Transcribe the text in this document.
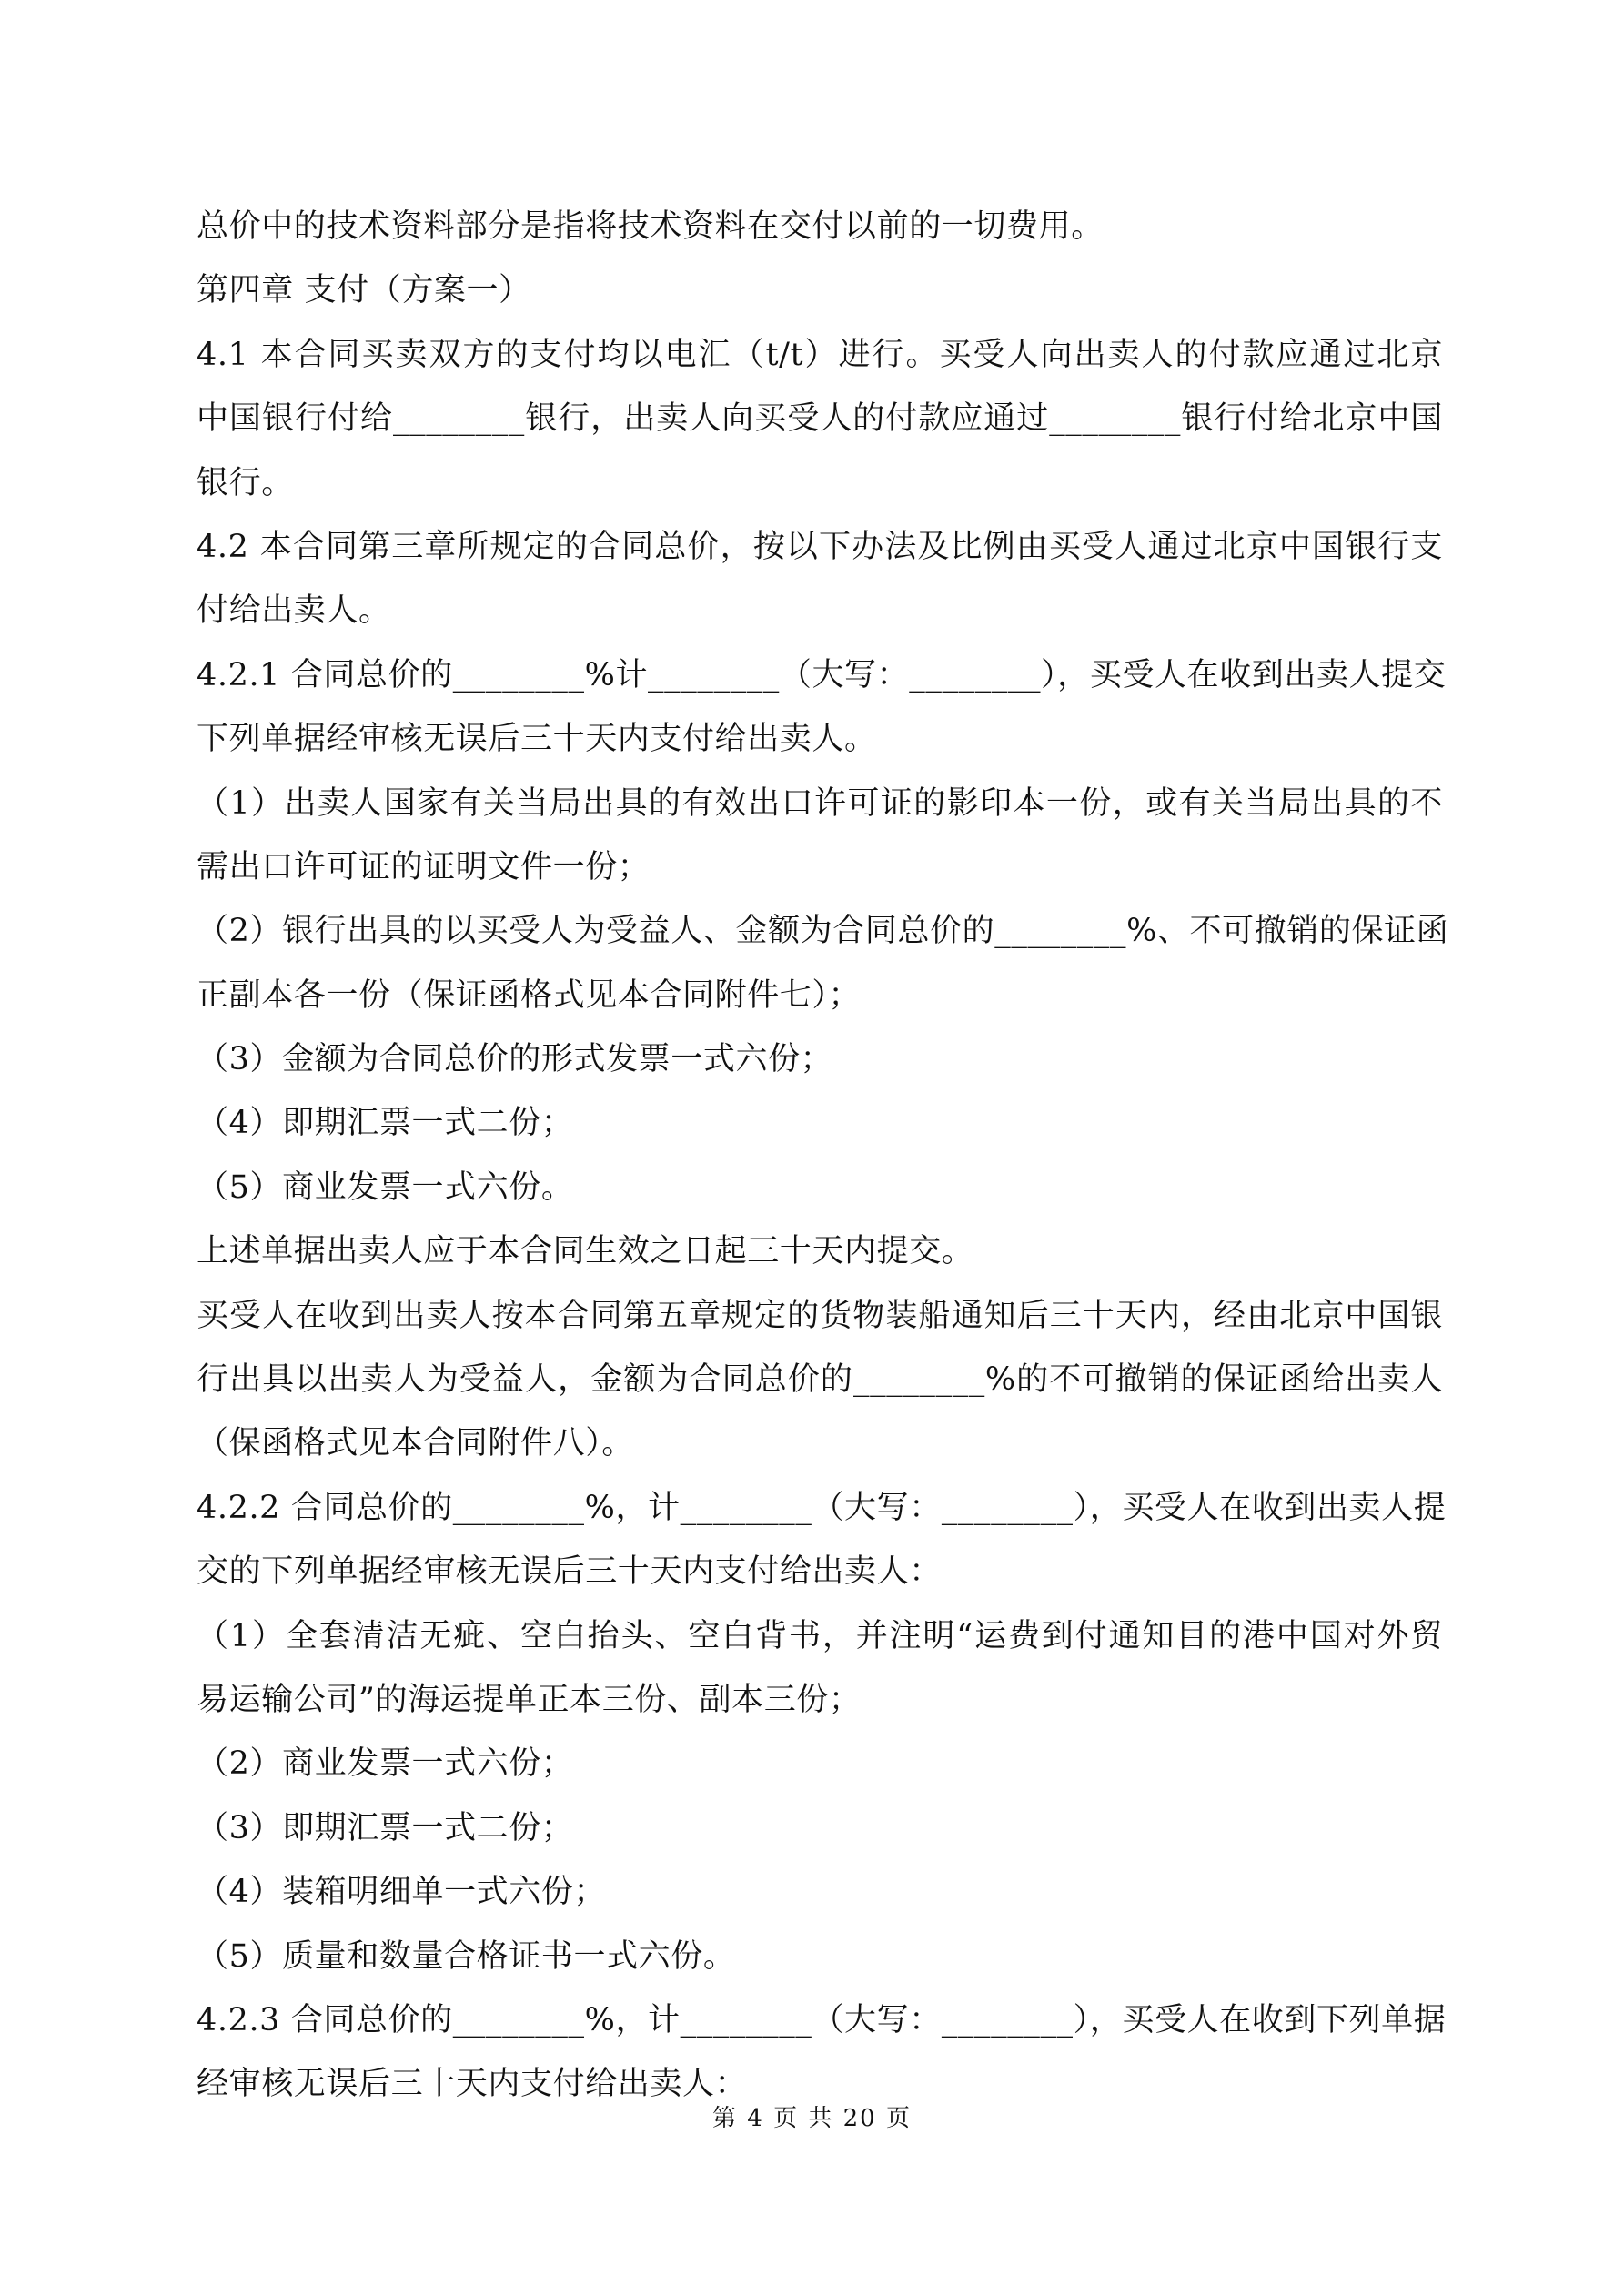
总价中的技术资料部分是指将技术资料在交付以前的一切费用。
第四章 支付（方案一）
4.1 本合同买卖双方的支付均以电汇（t/t）进行。买受人向出卖人的付款应通过北京
中国银行付给________银行，出卖人向买受人的付款应通过________银行付给北京中国
银行。
4.2 本合同第三章所规定的合同总价，按以下办法及比例由买受人通过北京中国银行支
付给出卖人。
4.2.1 合同总价的________%计________（大写：________），买受人在收到出卖人提交
下列单据经审核无误后三十天内支付给出卖人。
（1）出卖人国家有关当局出具的有效出口许可证的影印本一份，或有关当局出具的不
需出口许可证的证明文件一份；
（2）银行出具的以买受人为受益人、金额为合同总价的________%、不可撤销的保证函
正副本各一份（保证函格式见本合同附件七）；
（3）金额为合同总价的形式发票一式六份；
（4）即期汇票一式二份；
（5）商业发票一式六份。
上述单据出卖人应于本合同生效之日起三十天内提交。
买受人在收到出卖人按本合同第五章规定的货物装船通知后三十天内，经由北京中国银
行出具以出卖人为受益人，金额为合同总价的________%的不可撤销的保证函给出卖人
（保函格式见本合同附件八）。
4.2.2 合同总价的________%，计________（大写：________），买受人在收到出卖人提
交的下列单据经审核无误后三十天内支付给出卖人：
（1）全套清洁无疵、空白抬头、空白背书，并注明“运费到付通知目的港中国对外贸
易运输公司”的海运提单正本三份、副本三份；
（2）商业发票一式六份；
（3）即期汇票一式二份；
（4）装箱明细单一式六份；
（5）质量和数量合格证书一式六份。
4.2.3 合同总价的________%，计________（大写：________），买受人在收到下列单据
经审核无误后三十天内支付给出卖人：
第 4 页 共 20 页
